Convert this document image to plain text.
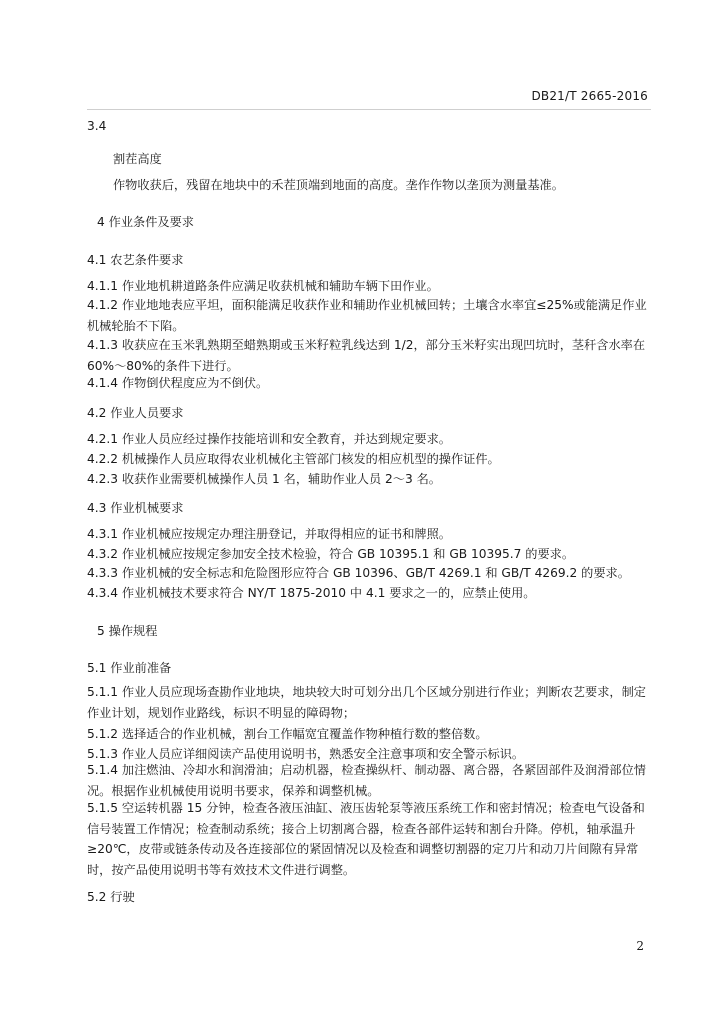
DB21/T 2665-2016
3.4
割茬高度
作物收获后，残留在地块中的禾茬顶端到地面的高度。垄作作物以垄顶为测量基准。
4 作业条件及要求
4.1 农艺条件要求
4.1.1 作业地机耕道路条件应满足收获机械和辅助车辆下田作业。
4.1.2 作业地地表应平坦，面积能满足收获作业和辅助作业机械回转；土壤含水率宜≤25%或能满足作业机械轮胎不下陷。
4.1.3 收获应在玉米乳熟期至蜡熟期或玉米籽粒乳线达到 1/2，部分玉米籽实出现凹坑时，茎秆含水率在 60%～80%的条件下进行。
4.1.4 作物倒伏程度应为不倒伏。
4.2 作业人员要求
4.2.1 作业人员应经过操作技能培训和安全教育，并达到规定要求。
4.2.2 机械操作人员应取得农业机械化主管部门核发的相应机型的操作证件。
4.2.3 收获作业需要机械操作人员 1 名，辅助作业人员 2～3 名。
4.3 作业机械要求
4.3.1 作业机械应按规定办理注册登记，并取得相应的证书和牌照。
4.3.2 作业机械应按规定参加安全技术检验，符合 GB 10395.1 和 GB 10395.7 的要求。
4.3.3 作业机械的安全标志和危险图形应符合 GB 10396、GB/T 4269.1 和 GB/T 4269.2 的要求。
4.3.4 作业机械技术要求符合 NY/T 1875-2010 中 4.1 要求之一的，应禁止使用。
5 操作规程
5.1 作业前准备
5.1.1 作业人员应现场查勘作业地块，地块较大时可划分出几个区域分别进行作业；判断农艺要求，制定作业计划，规划作业路线，标识不明显的障碍物；
5.1.2 选择适合的作业机械，割台工作幅宽宜覆盖作物种植行数的整倍数。
5.1.3 作业人员应详细阅读产品使用说明书，熟悉安全注意事项和安全警示标识。
5.1.4 加注燃油、冷却水和润滑油；启动机器，检查操纵杆、制动器、离合器，各紧固部件及润滑部位情况。根据作业机械使用说明书要求，保养和调整机械。
5.1.5 空运转机器 15 分钟，检查各液压油缸、液压齿轮泵等液压系统工作和密封情况；检查电气设备和信号装置工作情况；检查制动系统；接合上切割离合器，检查各部件运转和割台升降。停机，轴承温升≥20℃，皮带或链条传动及各连接部位的紧固情况以及检查和调整切割器的定刀片和动刀片间隙有异常时，按产品使用说明书等有效技术文件进行调整。
5.2 行驶
2
